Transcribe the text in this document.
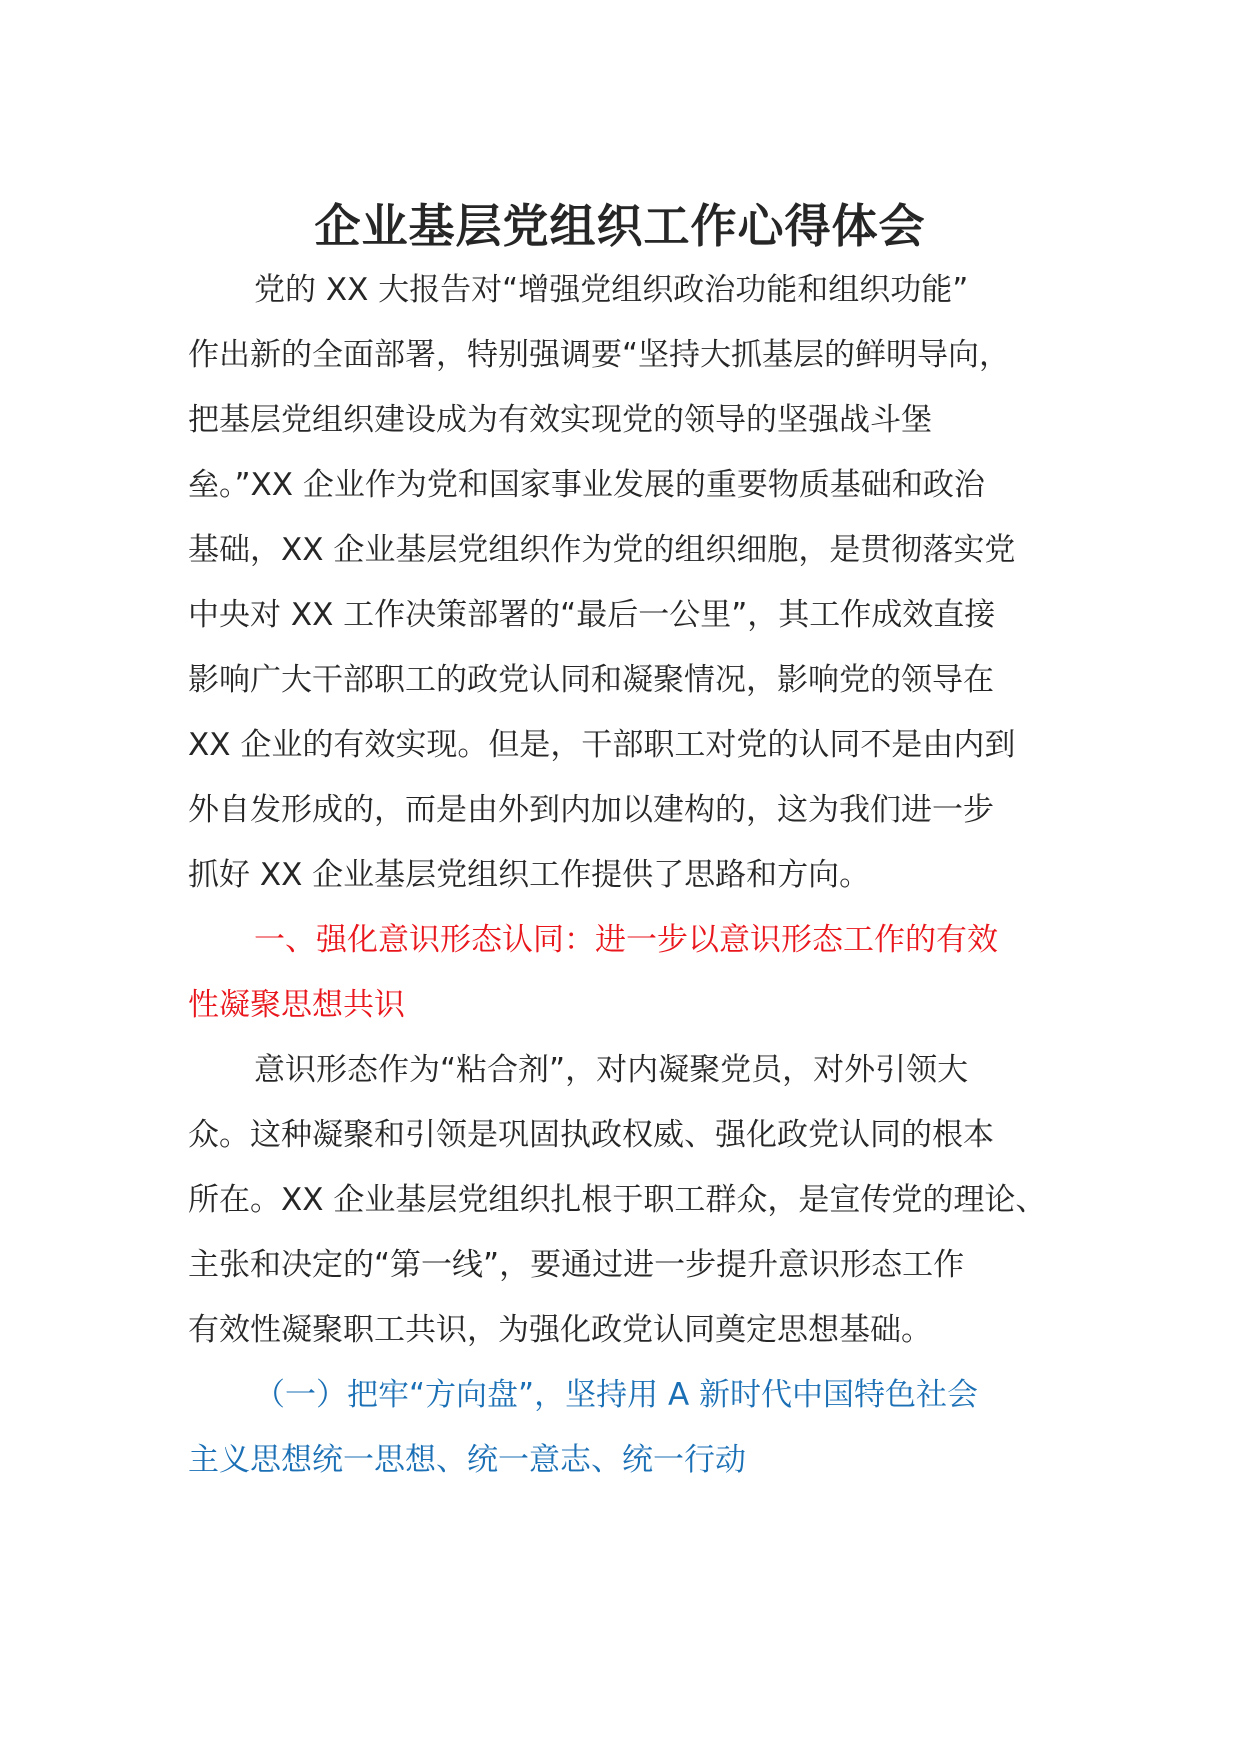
企业基层党组织工作心得体会
党的 XX 大报告对“增强党组织政治功能和组织功能”
作出新的全面部署，特别强调要“坚持大抓基层的鲜明导向，
把基层党组织建设成为有效实现党的领导的坚强战斗堡
垒。”XX 企业作为党和国家事业发展的重要物质基础和政治
基础，XX 企业基层党组织作为党的组织细胞，是贯彻落实党
中央对 XX 工作决策部署的“最后一公里”，其工作成效直接
影响广大干部职工的政党认同和凝聚情况，影响党的领导在
XX 企业的有效实现。但是，干部职工对党的认同不是由内到
外自发形成的，而是由外到内加以建构的，这为我们进一步
抓好 XX 企业基层党组织工作提供了思路和方向。
一、强化意识形态认同：进一步以意识形态工作的有效
性凝聚思想共识
意识形态作为“粘合剂”，对内凝聚党员，对外引领大
众。这种凝聚和引领是巩固执政权威、强化政党认同的根本
所在。XX 企业基层党组织扎根于职工群众，是宣传党的理论、
主张和决定的“第一线”，要通过进一步提升意识形态工作
有效性凝聚职工共识，为强化政党认同奠定思想基础。
（一）把牢“方向盘”，坚持用 A 新时代中国特色社会
主义思想统一思想、统一意志、统一行动
